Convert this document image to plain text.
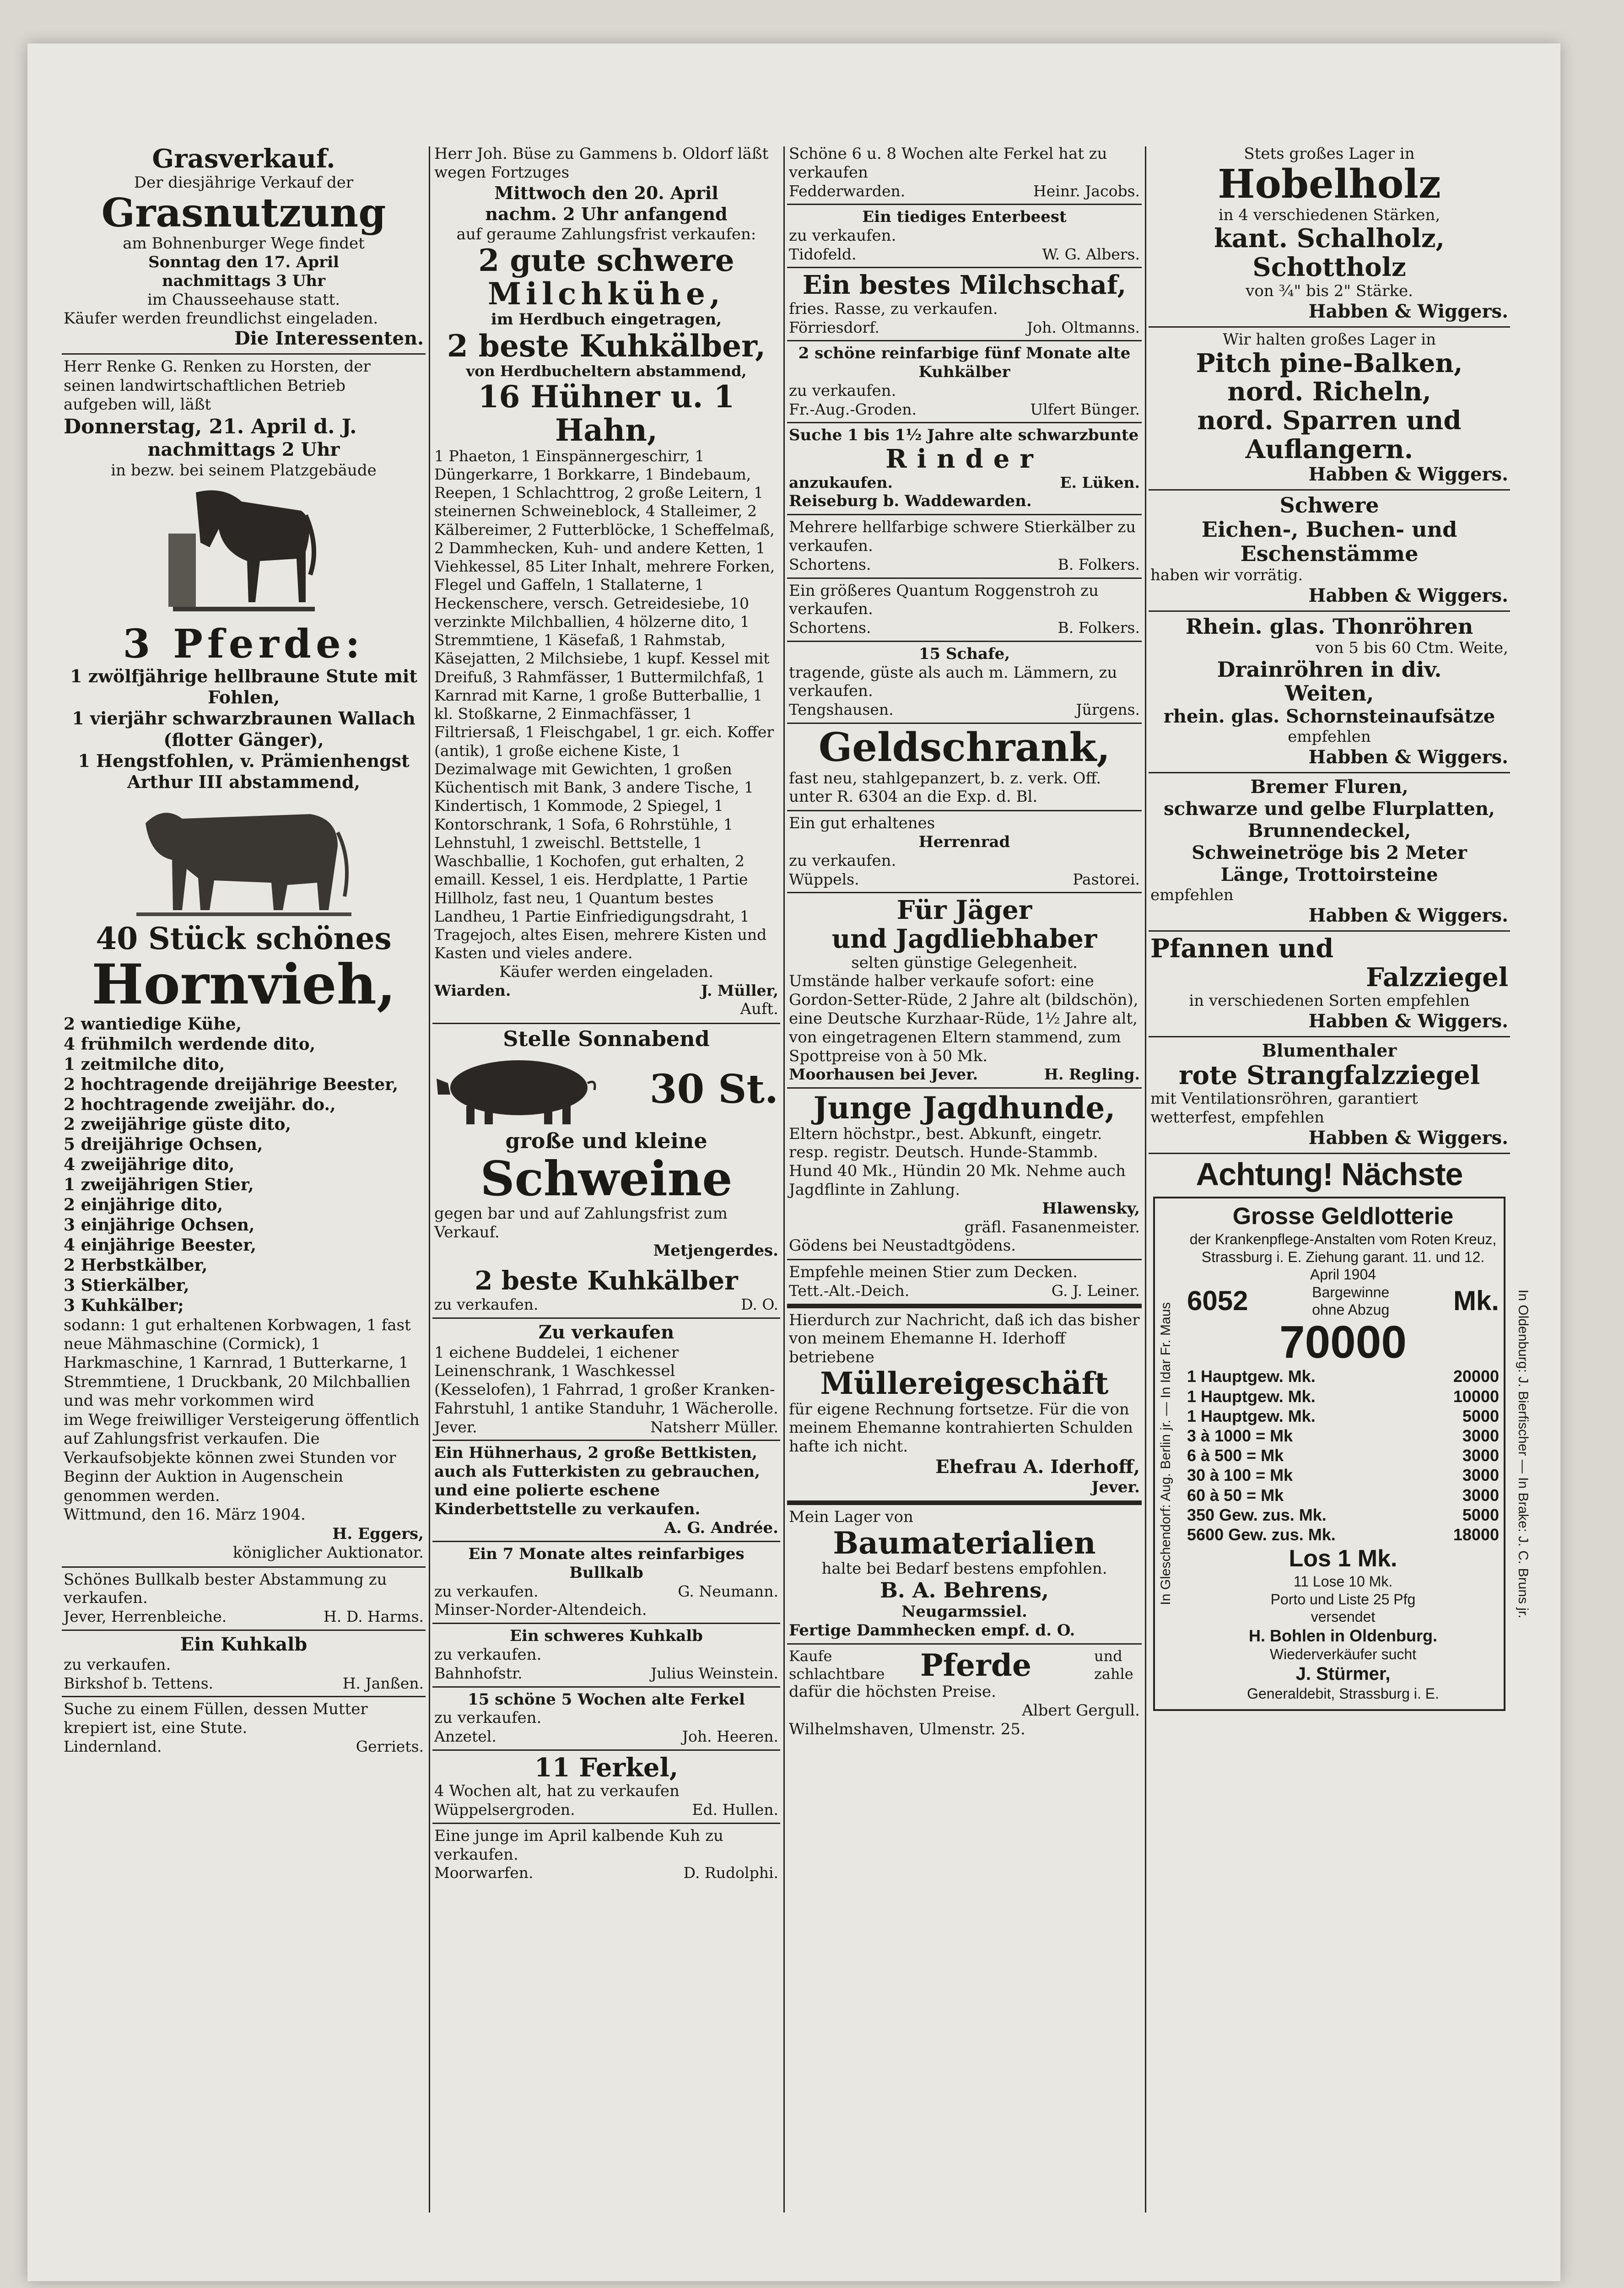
Grasverkauf.
Der diesjährige Verkauf der
Grasnutzung
am Bohnenburger Wege findet
Sonntag den 17. April
nachmittags 3 Uhr
im Chausseehause statt.
Käufer werden freundlichst eingeladen.
Die Interessenten.
Herr Renke G. Renken zu Horsten, der seinen landwirtschaftlichen Betrieb aufgeben will, läßt
Donnerstag, 21. April d. J.
nachmittags 2 Uhr
in bezw. bei seinem Platzgebäude
3 Pferde:
1 zwölfjährige hellbraune Stute mit Fohlen,
1 vierjähr schwarzbraunen Wallach (flotter Gänger),
1 Hengstfohlen, v. Prämienhengst Arthur III abstammend,
40 Stück schönes
Hornvieh,
2 wantiedige Kühe,
4 frühmilch werdende dito,
1 zeitmilche dito,
2 hochtragende dreijährige Beester,
2 hochtragende zweijähr. do.,
2 zweijährige güste dito,
5 dreijährige Ochsen,
4 zweijährige dito,
1 zweijährigen Stier,
2 einjährige dito,
3 einjährige Ochsen,
4 einjährige Beester,
2 Herbstkälber,
3 Stierkälber,
3 Kuhkälber;
sodann: 1 gut erhaltenen Korbwagen, 1 fast neue Mähmaschine (Cormick), 1 Harkmaschine, 1 Karnrad, 1 Butterkarne, 1 Stremmtiene, 1 Druckbank, 20 Milchballien und was mehr vorkommen wird
im Wege freiwilliger Versteigerung öffentlich auf Zahlungsfrist verkaufen. Die Verkaufsobjekte können zwei Stunden vor Beginn der Auktion in Augenschein genommen werden.
Wittmund, den 16. März 1904.
H. Eggers,
königlicher Auktionator.
Schönes Bullkalb bester Abstammung zu verkaufen.
Jever, Herrenbleiche.	H. D. Harms.
Ein Kuhkalb
zu verkaufen.
Birkshof b. Tettens.	H. Janßen.
Suche zu einem Füllen, dessen Mutter krepiert ist, eine Stute.
Lindernland.	Gerriets.
Herr Joh. Büse zu Gammens b. Oldorf läßt wegen Fortzuges
Mittwoch den 20. April
nachm. 2 Uhr anfangend
auf geraume Zahlungsfrist verkaufen:
2 gute schwere
Milchkühe,
im Herdbuch eingetragen,
2 beste Kuhkälber,
von Herdbucheltern abstammend,
16 Hühner u. 1 Hahn,
1 Phaeton, 1 Einspännergeschirr, 1 Düngerkarre, 1 Borkkarre, 1 Bindebaum, Reepen, 1 Schlachttrog, 2 große Leitern, 1 steinernen Schweineblock, 4 Stalleimer, 2 Kälbereimer, 2 Futterblöcke, 1 Scheffelmaß, 2 Dammhecken, Kuh- und andere Ketten, 1 Viehkessel, 85 Liter Inhalt, mehrere Forken, Flegel und Gaffeln, 1 Stallaterne, 1 Heckenschere, versch. Getreidesiebe, 10 verzinkte Milchballien, 4 hölzerne dito, 1 Stremmtiene, 1 Käsefaß, 1 Rahmstab, Käsejatten, 2 Milchsiebe, 1 kupf. Kessel mit Dreifuß, 3 Rahmfässer, 1 Buttermilchfaß, 1 Karnrad mit Karne, 1 große Butterballie, 1 kl. Stoßkarne, 2 Einmachfässer, 1 Filtriersaß, 1 Fleischgabel, 1 gr. eich. Koffer (antik), 1 große eichene Kiste, 1 Dezimalwage mit Gewichten, 1 großen Küchentisch mit Bank, 3 andere Tische, 1 Kindertisch, 1 Kommode, 2 Spiegel, 1 Kontorschrank, 1 Sofa, 6 Rohrstühle, 1 Lehnstuhl, 1 zweischl. Bettstelle, 1 Waschballie, 1 Kochofen, gut erhalten, 2 emaill. Kessel, 1 eis. Herdplatte, 1 Partie Hillholz, fast neu, 1 Quantum bestes Landheu, 1 Partie Einfriedigungsdraht, 1 Tragejoch, altes Eisen, mehrere Kisten und Kasten und vieles andere.
Käufer werden eingeladen.
Wiarden.	J. Müller,
Auft.
Stelle Sonnabend
30 St.
große und kleine
Schweine
gegen bar und auf Zahlungsfrist zum Verkauf.
Metjengerdes.
2 beste Kuhkälber
zu verkaufen.	D. O.
Zu verkaufen
1 eichene Buddelei, 1 eichener Leinenschrank, 1 Waschkessel (Kesselofen), 1 Fahrrad, 1 großer Kranken-Fahrstuhl, 1 antike Standuhr, 1 Wächerolle.
Jever.	Natsherr Müller.
Ein Hühnerhaus, 2 große Bettkisten, auch als Futterkisten zu gebrauchen, und eine polierte eschene Kinderbettstelle zu verkaufen.
A. G. Andrée.
Ein 7 Monate altes reinfarbiges Bullkalb
zu verkaufen.	G. Neumann.
Minser-Norder-Altendeich.
Ein schweres Kuhkalb
zu verkaufen.
Bahnhofstr.	Julius Weinstein.
15 schöne 5 Wochen alte Ferkel
zu verkaufen.
Anzetel.	Joh. Heeren.
11 Ferkel,
4 Wochen alt, hat zu verkaufen
Wüppelsergroden.	Ed. Hullen.
Eine junge im April kalbende Kuh zu verkaufen.
Moorwarfen.	D. Rudolphi.
Schöne 6 u. 8 Wochen alte Ferkel hat zu verkaufen
Fedderwarden.	Heinr. Jacobs.
Ein tiediges Enterbeest
zu verkaufen.
Tidofeld.	W. G. Albers.
Ein bestes Milchschaf,
fries. Rasse, zu verkaufen.
Förriesdorf.	Joh. Oltmanns.
2 schöne reinfarbige fünf Monate alte Kuhkälber
zu verkaufen.
Fr.-Aug.-Groden.	Ulfert Bünger.
Suche 1 bis 1½ Jahre alte schwarzbunte
Rinder
anzukaufen.	E. Lüken.
Reiseburg b. Waddewarden.
Mehrere hellfarbige schwere Stierkälber zu verkaufen.
Schortens.	B. Folkers.
Ein größeres Quantum Roggenstroh zu verkaufen.
Schortens.	B. Folkers.
15 Schafe,
tragende, güste als auch m. Lämmern, zu verkaufen.
Tengshausen.	Jürgens.
Geldschrank,
fast neu, stahlgepanzert, b. z. verk. Off. unter R. 6304 an die Exp. d. Bl.
Ein gut erhaltenes
Herrenrad
zu verkaufen.
Wüppels.	Pastorei.
Für Jäger
und Jagdliebhaber
selten günstige Gelegenheit.
Umstände halber verkaufe sofort: eine Gordon-Setter-Rüde, 2 Jahre alt (bildschön), eine Deutsche Kurzhaar-Rüde, 1½ Jahre alt, von eingetragenen Eltern stammend, zum Spottpreise von à 50 Mk.
Moorhausen bei Jever.	H. Regling.
Junge Jagdhunde,
Eltern höchstpr., best. Abkunft, eingetr. resp. registr. Deutsch. Hunde-Stammb. Hund 40 Mk., Hündin 20 Mk. Nehme auch Jagdflinte in Zahlung.
Hlawensky,
gräfl. Fasanenmeister.
Gödens bei Neustadtgödens.
Empfehle meinen Stier zum Decken.
Tett.-Alt.-Deich.	G. J. Leiner.
Hierdurch zur Nachricht, daß ich das bisher von meinem Ehemanne H. Iderhoff betriebene
Müllereigeschäft
für eigene Rechnung fortsetze. Für die von meinem Ehemanne kontrahierten Schulden hafte ich nicht.
Ehefrau A. Iderhoff,
Jever.
Mein Lager von
Baumaterialien
halte bei Bedarf bestens empfohlen.
B. A. Behrens,
Neugarmssiel.
Fertige Dammhecken empf. d. O.
Kaufe schlachtbare Pferde	und zahle
dafür die höchsten Preise.
Albert Gergull.
Wilhelmshaven, Ulmenstr. 25.
Stets großes Lager in
Hobelholz
in 4 verschiedenen Stärken,
kant. Schalholz,
Schottholz
von ¾" bis 2" Stärke.
Habben & Wiggers.
Wir halten großes Lager in
Pitch pine-Balken,
nord. Richeln,
nord. Sparren und
Auflangern.
Habben & Wiggers.
Schwere
Eichen-, Buchen- und
Eschenstämme
haben wir vorrätig.
Habben & Wiggers.
Rhein. glas. Thonröhren
von 5 bis 60 Ctm. Weite,
Drainröhren in div.
Weiten,
rhein. glas. Schornsteinaufsätze
empfehlen
Habben & Wiggers.
Bremer Fluren,
schwarze und gelbe Flurplatten,
Brunnendeckel,
Schweinetröge bis 2 Meter
Länge, Trottoirsteine
empfehlen
Habben & Wiggers.
Pfannen und
Falzziegel
in verschiedenen Sorten empfehlen
Habben & Wiggers.
Blumenthaler
rote Strangfalzziegel
mit Ventilationsröhren, garantiert wetterfest, empfehlen
Habben & Wiggers.
Achtung! Nächste
In Gleschendorf: Aug. Berlin jr. — In Idar Fr. Maus	In Oldenburg: J. Bierfischer — In Brake: J. C. Bruns jr.
Grosse Geldlotterie
der Krankenpflege-Anstalten vom Roten Kreuz, Strassburg i. E. Ziehung garant. 11. und 12. April 1904
6052	Bargewinne ohne Abzug	Mk.
70000
1 Hauptgew. Mk.	20000
1 Hauptgew. Mk.	10000
1 Hauptgew. Mk.	5000
3 à 1000 = Mk	3000
6 à 500 = Mk	3000
30 à 100 = Mk	3000
60 à 50 = Mk	3000
350 Gew. zus. Mk.	5000
5600 Gew. zus. Mk.	18000
Los 1 Mk.
11 Lose 10 Mk.
Porto und Liste 25 Pfg
versendet
H. Bohlen in Oldenburg.
Wiederverkäufer sucht
J. Stürmer,
Generaldebit, Strassburg i. E.
